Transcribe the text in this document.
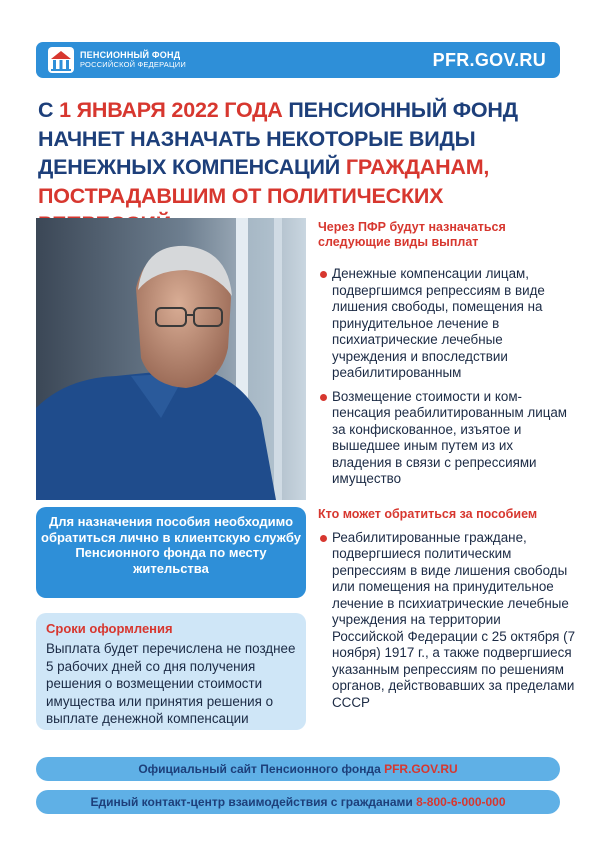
ПЕНСИОННЫЙ ФОНД
РОССИЙСКОЙ ФЕДЕРАЦИИ	PFR.GOV.RU
С 1 ЯНВАРЯ 2022 ГОДА ПЕНСИОННЫЙ ФОНД НАЧНЕТ НАЗНАЧАТЬ НЕКОТОРЫЕ ВИДЫ ДЕНЕЖНЫХ КОМПЕНСАЦИЙ ГРАЖДАНАМ, ПОСТРАДАВШИМ ОТ ПОЛИТИЧЕСКИХ
Через ПФР будут назначаться следующие виды выплат
Денежные компенсации лицам, подвергшимся репрессиям в виде лишения свободы, помещения на принудительное лечение в психиатрические лечебные учреждения и впоследствии реабилитированным
Возмещение стоимости и компенсация реабилитированным лицам за конфискованное, изъятое и вышедшее иным путем из их владения в связи с репрессиями имущество
Кто может обратиться за пособием
Реабилитированные граждане, подвергшиеся политическим репрессиям в виде лишения свободы или помещения на принудительное лечение в психиатрические лечебные учреждения на территории Российской Федерации с 25 октября (7 ноября) 1917 г., а также подвергшиеся указанным репрессиям по решениям органов, действовавших за пределами СССР
Для назначения пособия необходимо обратиться лично в клиентскую службу Пенсионного фонда по месту жительства
Сроки оформления
Выплата будет перечислена не позднее 5 рабочих дней со дня получения решения о возмещении стоимости имущества или принятия решения о выплате денежной компенсации
Официальный сайт Пенсионного фонда PFR.GOV.RU
Единый контакт-центр взаимодействия с гражданами 8-800-6-000-000
